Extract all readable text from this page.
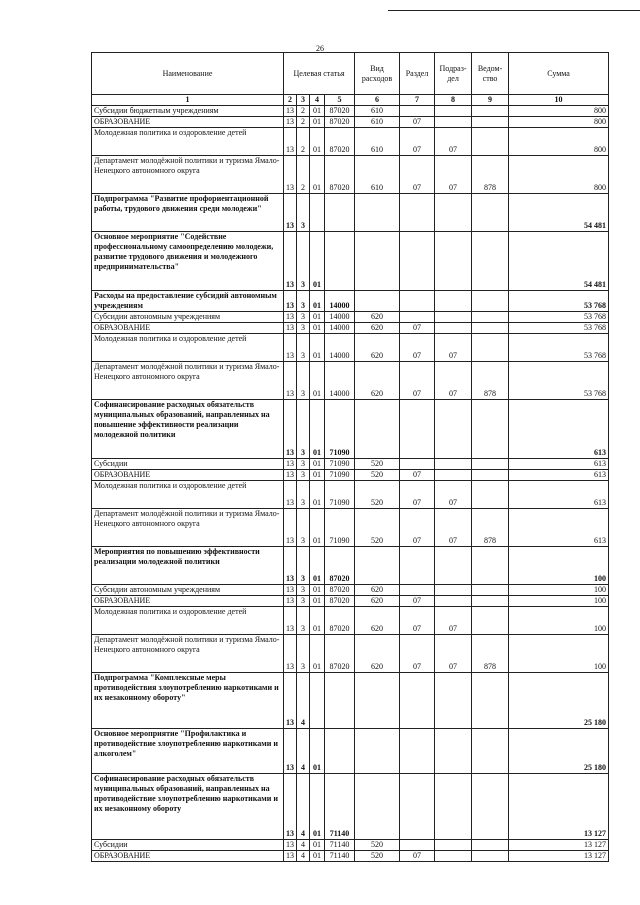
26
Наименование	Целевая статья				Вид расходов	Раздел	Подраз-дел	Ведом-ство	Сумма
1	2	3	4	5	6	7	8	9	10

Субсидии бюджетным учреждениям	13	2	01	87020	610				800

ОБРАЗОВАНИЕ	13	2	01	87020	610	07			800

Молодежная политика и оздоровление детей	13	2	01	87020	610	07	07		800

Департамент молодёжной политики и туризма Ямало-Ненецкого автономного округа	13	2	01	87020	610	07	07	878	800

Подпрограмма "Развитие профориентационной работы, трудового движения среди молодежи"	13	3							54 481

Основное мероприятие "Содействие профессиональному самоопределению молодежи, развитие трудового движения и молодежного предпринимательства"	13	3	01						54 481

Расходы на предоставление субсидий автономным учреждениям	13	3	01	14000					53 768

Субсидии автономным учреждениям	13	3	01	14000	620				53 768

ОБРАЗОВАНИЕ	13	3	01	14000	620	07			53 768

Молодежная политика и оздоровление детей	13	3	01	14000	620	07	07		53 768

Департамент молодёжной политики и туризма Ямало-Ненецкого автономного округа	13	3	01	14000	620	07	07	878	53 768

Софинансирование расходных обязательств муниципальных образований, направленных на повышение эффективности реализации молодежной политики	13	3	01	71090					613

Субсидии	13	3	01	71090	520				613

ОБРАЗОВАНИЕ	13	3	01	71090	520	07			613

Молодежная политика и оздоровление детей	13	3	01	71090	520	07	07		613

Департамент молодёжной политики и туризма Ямало-Ненецкого автономного округа	13	3	01	71090	520	07	07	878	613

Мероприятия по повышению эффективности реализации молодежной политики	13	3	01	87020					100

Субсидии автономным учреждениям	13	3	01	87020	620				100

ОБРАЗОВАНИЕ	13	3	01	87020	620	07			100

Молодежная политика и оздоровление детей	13	3	01	87020	620	07	07		100

Департамент молодёжной политики и туризма Ямало-Ненецкого автономного округа	13	3	01	87020	620	07	07	878	100

Подпрограмма "Комплексные меры противодействия злоупотреблению наркотиками и их незаконному обороту"	13	4							25 180

Основное мероприятие "Профилактика и противодействие злоупотреблению наркотиками и алкоголем"	13	4	01						25 180

Софинансирование расходных обязательств муниципальных образований, направленных на противодействие злоупотреблению наркотиками и их незаконному обороту	13	4	01	71140					13 127

Субсидии	13	4	01	71140	520				13 127

ОБРАЗОВАНИЕ	13	4	01	71140	520	07			13 127
